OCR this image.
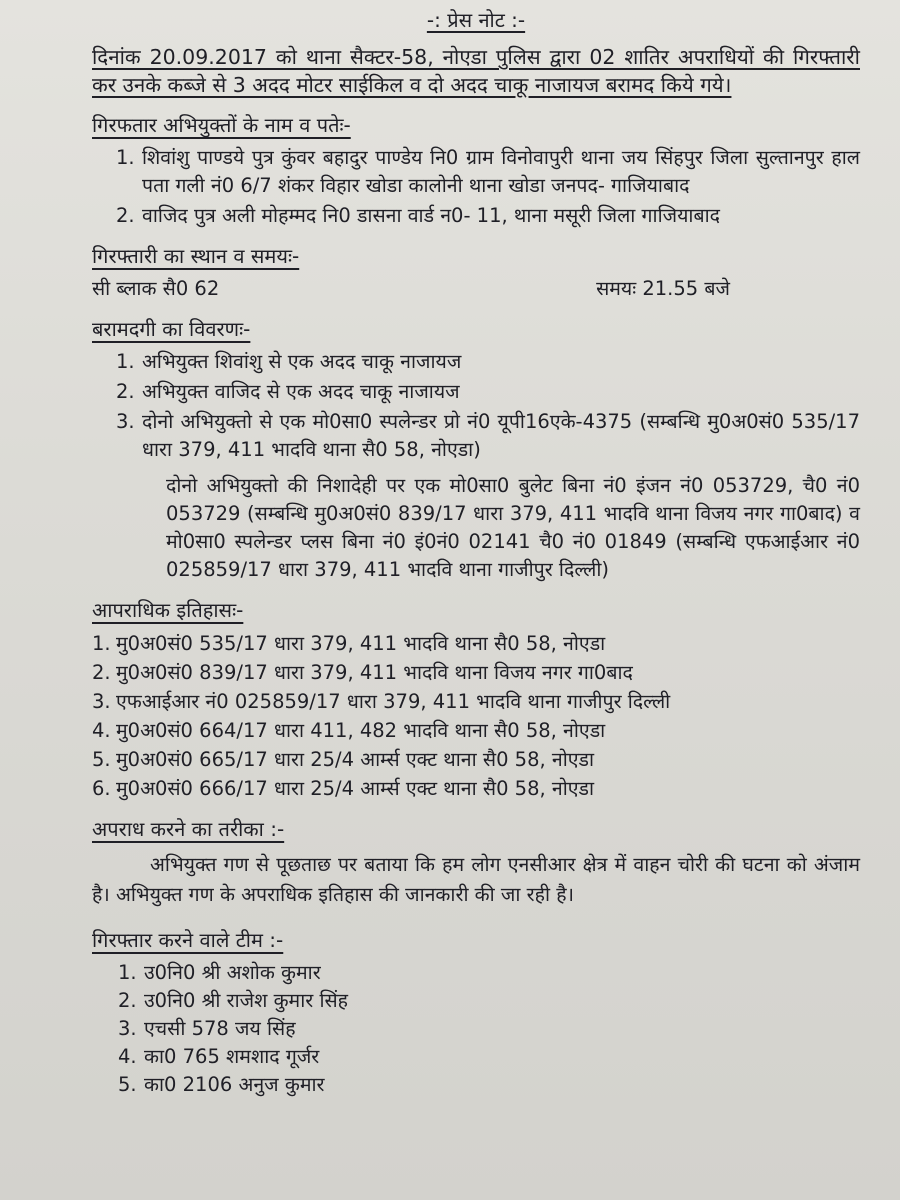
-: प्रेस नोट :-
दिनांक 20.09.2017 को थाना सैक्टर-58, नोएडा पुलिस द्वारा 02 शातिर अपराधियों की गिरफ्तारी कर उनके कब्जे से 3 अदद मोटर साईकिल व दो अदद चाकू नाजायज बरामद किये गये।
गिरफतार अभियुक्तों के नाम व पतेः-
1. शिवांशु पाण्डये पुत्र कुंवर बहादुर पाण्डेय नि0 ग्राम विनोवापुरी थाना जय सिंहपुर जिला सुल्तानपुर हाल पता गली नं0 6/7 शंकर विहार खोडा कालोनी थाना खोडा जनपद- गाजियाबाद
2. वाजिद पुत्र अली मोहम्मद नि0 डासना वार्ड न0- 11, थाना मसूरी जिला गाजियाबाद
गिरफ्तारी का स्थान व समयः-
सी ब्लाक सै0 62	समयः 21.55 बजे
बरामदगी का विवरणः-
1. अभियुक्त शिवांशु से एक अदद चाकू नाजायज
2. अभियुक्त वाजिद से एक अदद चाकू नाजायज
3. दोनो अभियुक्तो से एक मो0सा0 स्पलेन्डर प्रो नं0 यूपी16एके-4375 (सम्बन्धि मु0अ0सं0 535/17 धारा 379, 411 भादवि थाना सै0 58, नोएडा)
दोनो अभियुक्तो की निशादेही पर एक मो0सा0 बुलेट बिना नं0 इंजन नं0 053729, चै0 नं0 053729 (सम्बन्धि मु0अ0सं0 839/17 धारा 379, 411 भादवि थाना विजय नगर गा0बाद) व मो0सा0 स्पलेन्डर प्लस बिना नं0 इं0नं0 02141 चै0 नं0 01849 (सम्बन्धि एफआईआर नं0 025859/17 धारा 379, 411 भादवि थाना गाजीपुर दिल्ली)
आपराधिक इतिहासः-
1. मु0अ0सं0 535/17 धारा 379, 411 भादवि थाना सै0 58, नोएडा
2. मु0अ0सं0 839/17 धारा 379, 411 भादवि थाना विजय नगर गा0बाद
3. एफआईआर नं0 025859/17 धारा 379, 411 भादवि थाना गाजीपुर दिल्ली
4. मु0अ0सं0 664/17 धारा 411, 482 भादवि थाना सै0 58, नोएडा
5. मु0अ0सं0 665/17 धारा 25/4 आर्म्स एक्ट थाना सै0 58, नोएडा
6. मु0अ0सं0 666/17 धारा 25/4 आर्म्स एक्ट थाना सै0 58, नोएडा
अपराध करने का तरीका :-
अभियुक्त गण से पूछताछ पर बताया कि हम लोग एनसीआर क्षेत्र में वाहन चोरी की घटना को अंजाम है। अभियुक्त गण के अपराधिक इतिहास की जानकारी की जा रही है।
गिरफ्तार करने वाले टीम :-
1. उ0नि0 श्री अशोक कुमार
2. उ0नि0 श्री राजेश कुमार सिंह
3. एचसी 578 जय सिंह
4. का0 765 शमशाद गूर्जर
5. का0 2106 अनुज कुमार
